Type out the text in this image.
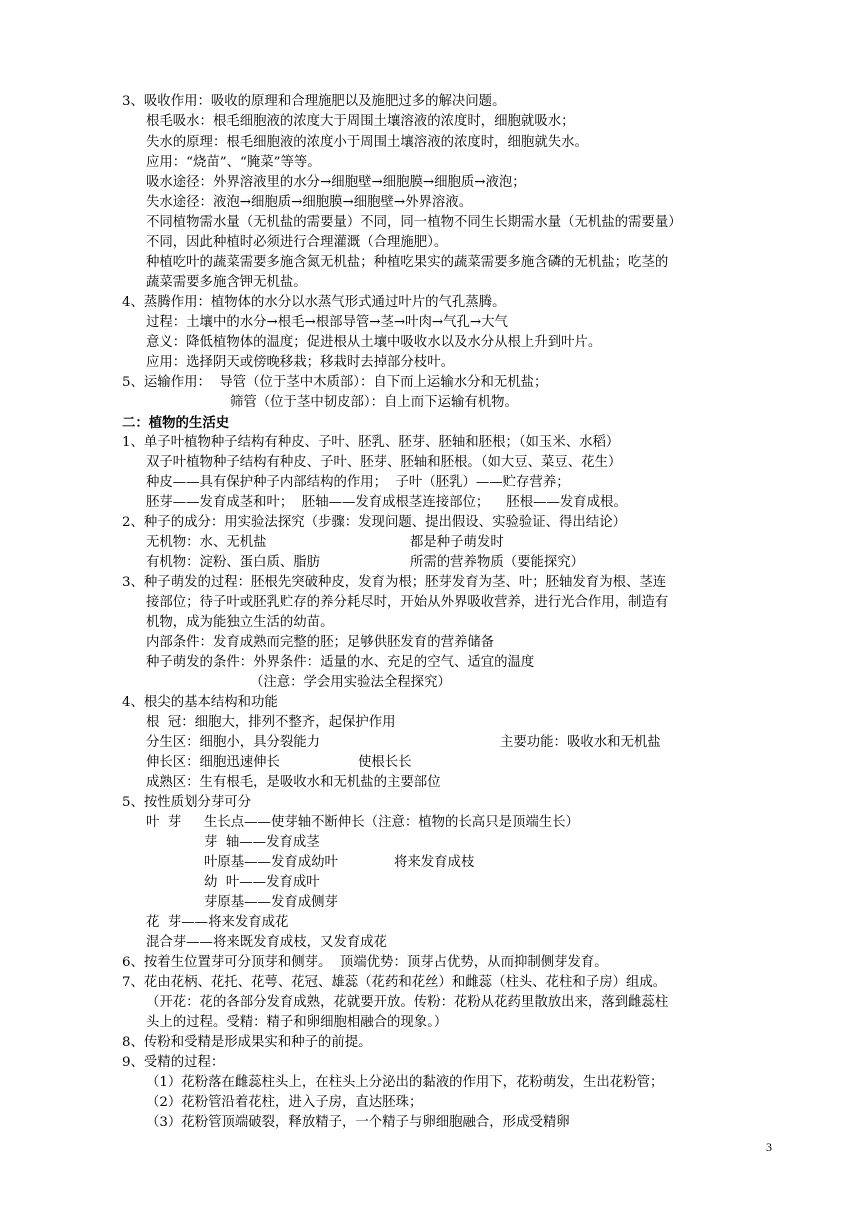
3、吸收作用：吸收的原理和合理施肥以及施肥过多的解决问题。
根毛吸水：根毛细胞液的浓度大于周围土壤溶液的浓度时，细胞就吸水；
失水的原理：根毛细胞液的浓度小于周围土壤溶液的浓度时，细胞就失水。
应用：“烧苗”、“腌菜”等等。
吸水途径：外界溶液里的水分→细胞壁→细胞膜→细胞质→液泡；
失水途径：液泡→细胞质→细胞膜→细胞壁→外界溶液。
不同植物需水量（无机盐的需要量）不同，同一植物不同生长期需水量（无机盐的需要量）
不同，因此种植时必须进行合理灌溉（合理施肥）。
种植吃叶的蔬菜需要多施含氮无机盐；种植吃果实的蔬菜需要多施含磷的无机盐；吃茎的
蔬菜需要多施含钾无机盐。
4、蒸腾作用：植物体的水分以水蒸气形式通过叶片的气孔蒸腾。
过程：土壤中的水分→根毛→根部导管→茎→叶肉→气孔→大气
意义：降低植物体的温度；促进根从土壤中吸收水以及水分从根上升到叶片。
应用：选择阴天或傍晚移栽；移栽时去掉部分枝叶。
5、运输作用：  导管（位于茎中木质部）：自下而上运输水分和无机盐；
筛管（位于茎中韧皮部）：自上而下运输有机物。
二：植物的生活史
1、单子叶植物种子结构有种皮、子叶、胚乳、胚芽、胚轴和胚根；（如玉米、水稻）
双子叶植物种子结构有种皮、子叶、胚芽、胚轴和胚根。（如大豆、菜豆、花生）
种皮——具有保护种子内部结构的作用；  子叶（胚乳）——贮存营养；
胚芽——发育成茎和叶；  胚轴——发育成根茎连接部位；    胚根——发育成根。
2、种子的成分：用实验法探究（步骤：发现问题、提出假设、实验验证、得出结论）
无机物：水、无机盐	都是种子萌发时
有机物：淀粉、蛋白质、脂肪	所需的营养物质（要能探究）
3、种子萌发的过程：胚根先突破种皮，发育为根；胚芽发育为茎、叶；胚轴发育为根、茎连
接部位；待子叶或胚乳贮存的养分耗尽时，开始从外界吸收营养，进行光合作用，制造有
机物，成为能独立生活的幼苗。
内部条件：发育成熟而完整的胚；足够供胚发育的营养储备
种子萌发的条件：外界条件：适量的水、充足的空气、适宜的温度
（注意：学会用实验法全程探究）
4、根尖的基本结构和功能
根  冠：细胞大，排列不整齐，起保护作用
分生区：细胞小，具分裂能力	主要功能：吸收水和无机盐
伸长区：细胞迅速伸长	使根长长
成熟区：生有根毛，是吸收水和无机盐的主要部位
5、按性质划分芽可分
叶  芽 生长点——使芽轴不断伸长（注意：植物的长高只是顶端生长）
芽  轴——发育成茎
叶原基——发育成幼叶	将来发育成枝
幼  叶——发育成叶
芽原基——发育成侧芽
花  芽——将来发育成花
混合芽——将来既发育成枝，又发育成花
6、按着生位置芽可分顶芽和侧芽。  顶端优势：顶芽占优势，从而抑制侧芽发育。
7、花由花柄、花托、花萼、花冠、雄蕊（花药和花丝）和雌蕊（柱头、花柱和子房）组成。
（开花：花的各部分发育成熟，花就要开放。传粉：花粉从花药里散放出来，落到雌蕊柱
头上的过程。受精：精子和卵细胞相融合的现象。）
8、传粉和受精是形成果实和种子的前提。
9、受精的过程：
（1）花粉落在雌蕊柱头上，在柱头上分泌出的黏液的作用下，花粉萌发，生出花粉管；
（2）花粉管沿着花柱，进入子房，直达胚珠；
（3）花粉管顶端破裂，释放精子，一个精子与卵细胞融合，形成受精卵
3
